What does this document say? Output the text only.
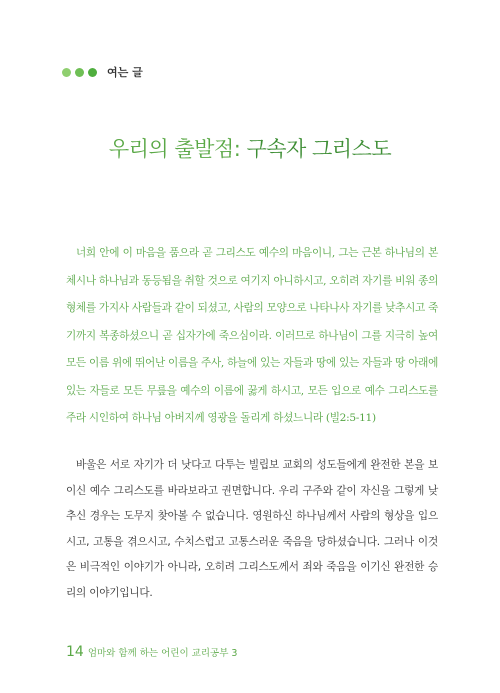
여는 글
우리의 출발점: 구속자 그리스도
너희 안에 이 마음을 품으라 곧 그리스도 예수의 마음이니, 그는 근본 하나님의 본체시나 하나님과 동등됨을 취할 것으로 여기지 아니하시고, 오히려 자기를 비워 종의 형체를 가지사 사람들과 같이 되셨고, 사람의 모양으로 나타나사 자기를 낮추시고 죽기까지 복종하셨으니 곧 십자가에 죽으심이라. 이러므로 하나님이 그를 지극히 높여 모든 이름 위에 뛰어난 이름을 주사, 하늘에 있는 자들과 땅에 있는 자들과 땅 아래에 있는 자들로 모든 무릎을 예수의 이름에 꿇게 하시고, 모든 입으로 예수 그리스도를 주라 시인하여 하나님 아버지께 영광을 돌리게 하셨느니라 (빌2:5-11)
바울은 서로 자기가 더 낫다고 다투는 빌립보 교회의 성도들에게 완전한 본을 보이신 예수 그리스도를 바라보라고 권면합니다. 우리 구주와 같이 자신을 그렇게 낮추신 경우는 도무지 찾아볼 수 없습니다. 영원하신 하나님께서 사람의 형상을 입으시고, 고통을 겪으시고, 수치스럽고 고통스러운 죽음을 당하셨습니다. 그러나 이것은 비극적인 이야기가 아니라, 오히려 그리스도께서 죄와 죽음을 이기신 완전한 승리의 이야기입니다.
14 엄마와 함께 하는 어린이 교리공부 3
